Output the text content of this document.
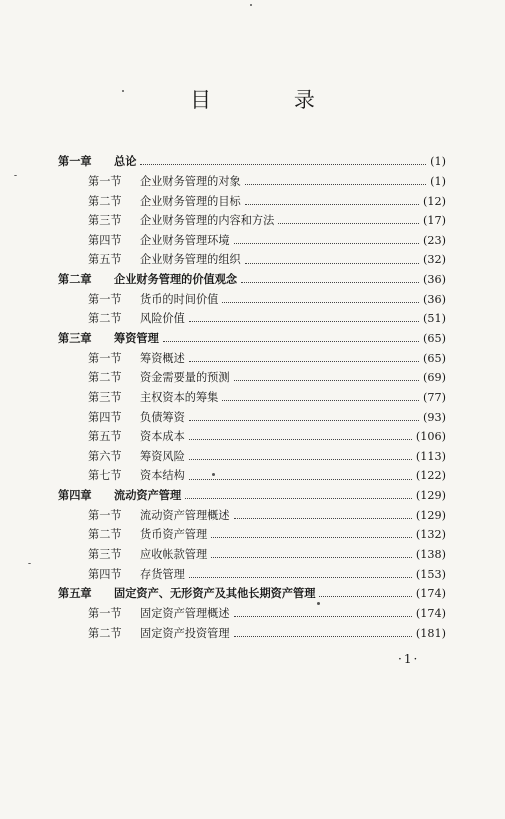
目 录
第一章	总论	(1)
第一节	企业财务管理的对象	(1)
第二节	企业财务管理的目标	(12)
第三节	企业财务管理的内容和方法	(17)
第四节	企业财务管理环境	(23)
第五节	企业财务管理的组织	(32)
第二章	企业财务管理的价值观念	(36)
第一节	货币的时间价值	(36)
第二节	风险价值	(51)
第三章	筹资管理	(65)
第一节	筹资概述	(65)
第二节	资金需要量的预测	(69)
第三节	主权资本的筹集	(77)
第四节	负债筹资	(93)
第五节	资本成本	(106)
第六节	筹资风险	(113)
第七节	资本结构	(122)
第四章	流动资产管理	(129)
第一节	流动资产管理概述	(129)
第二节	货币资产管理	(132)
第三节	应收帐款管理	(138)
第四节	存货管理	(153)
第五章	固定资产、无形资产及其他长期资产管理	(174)
第一节	固定资产管理概述	(174)
第二节	固定资产投资管理	(181)
·1·
